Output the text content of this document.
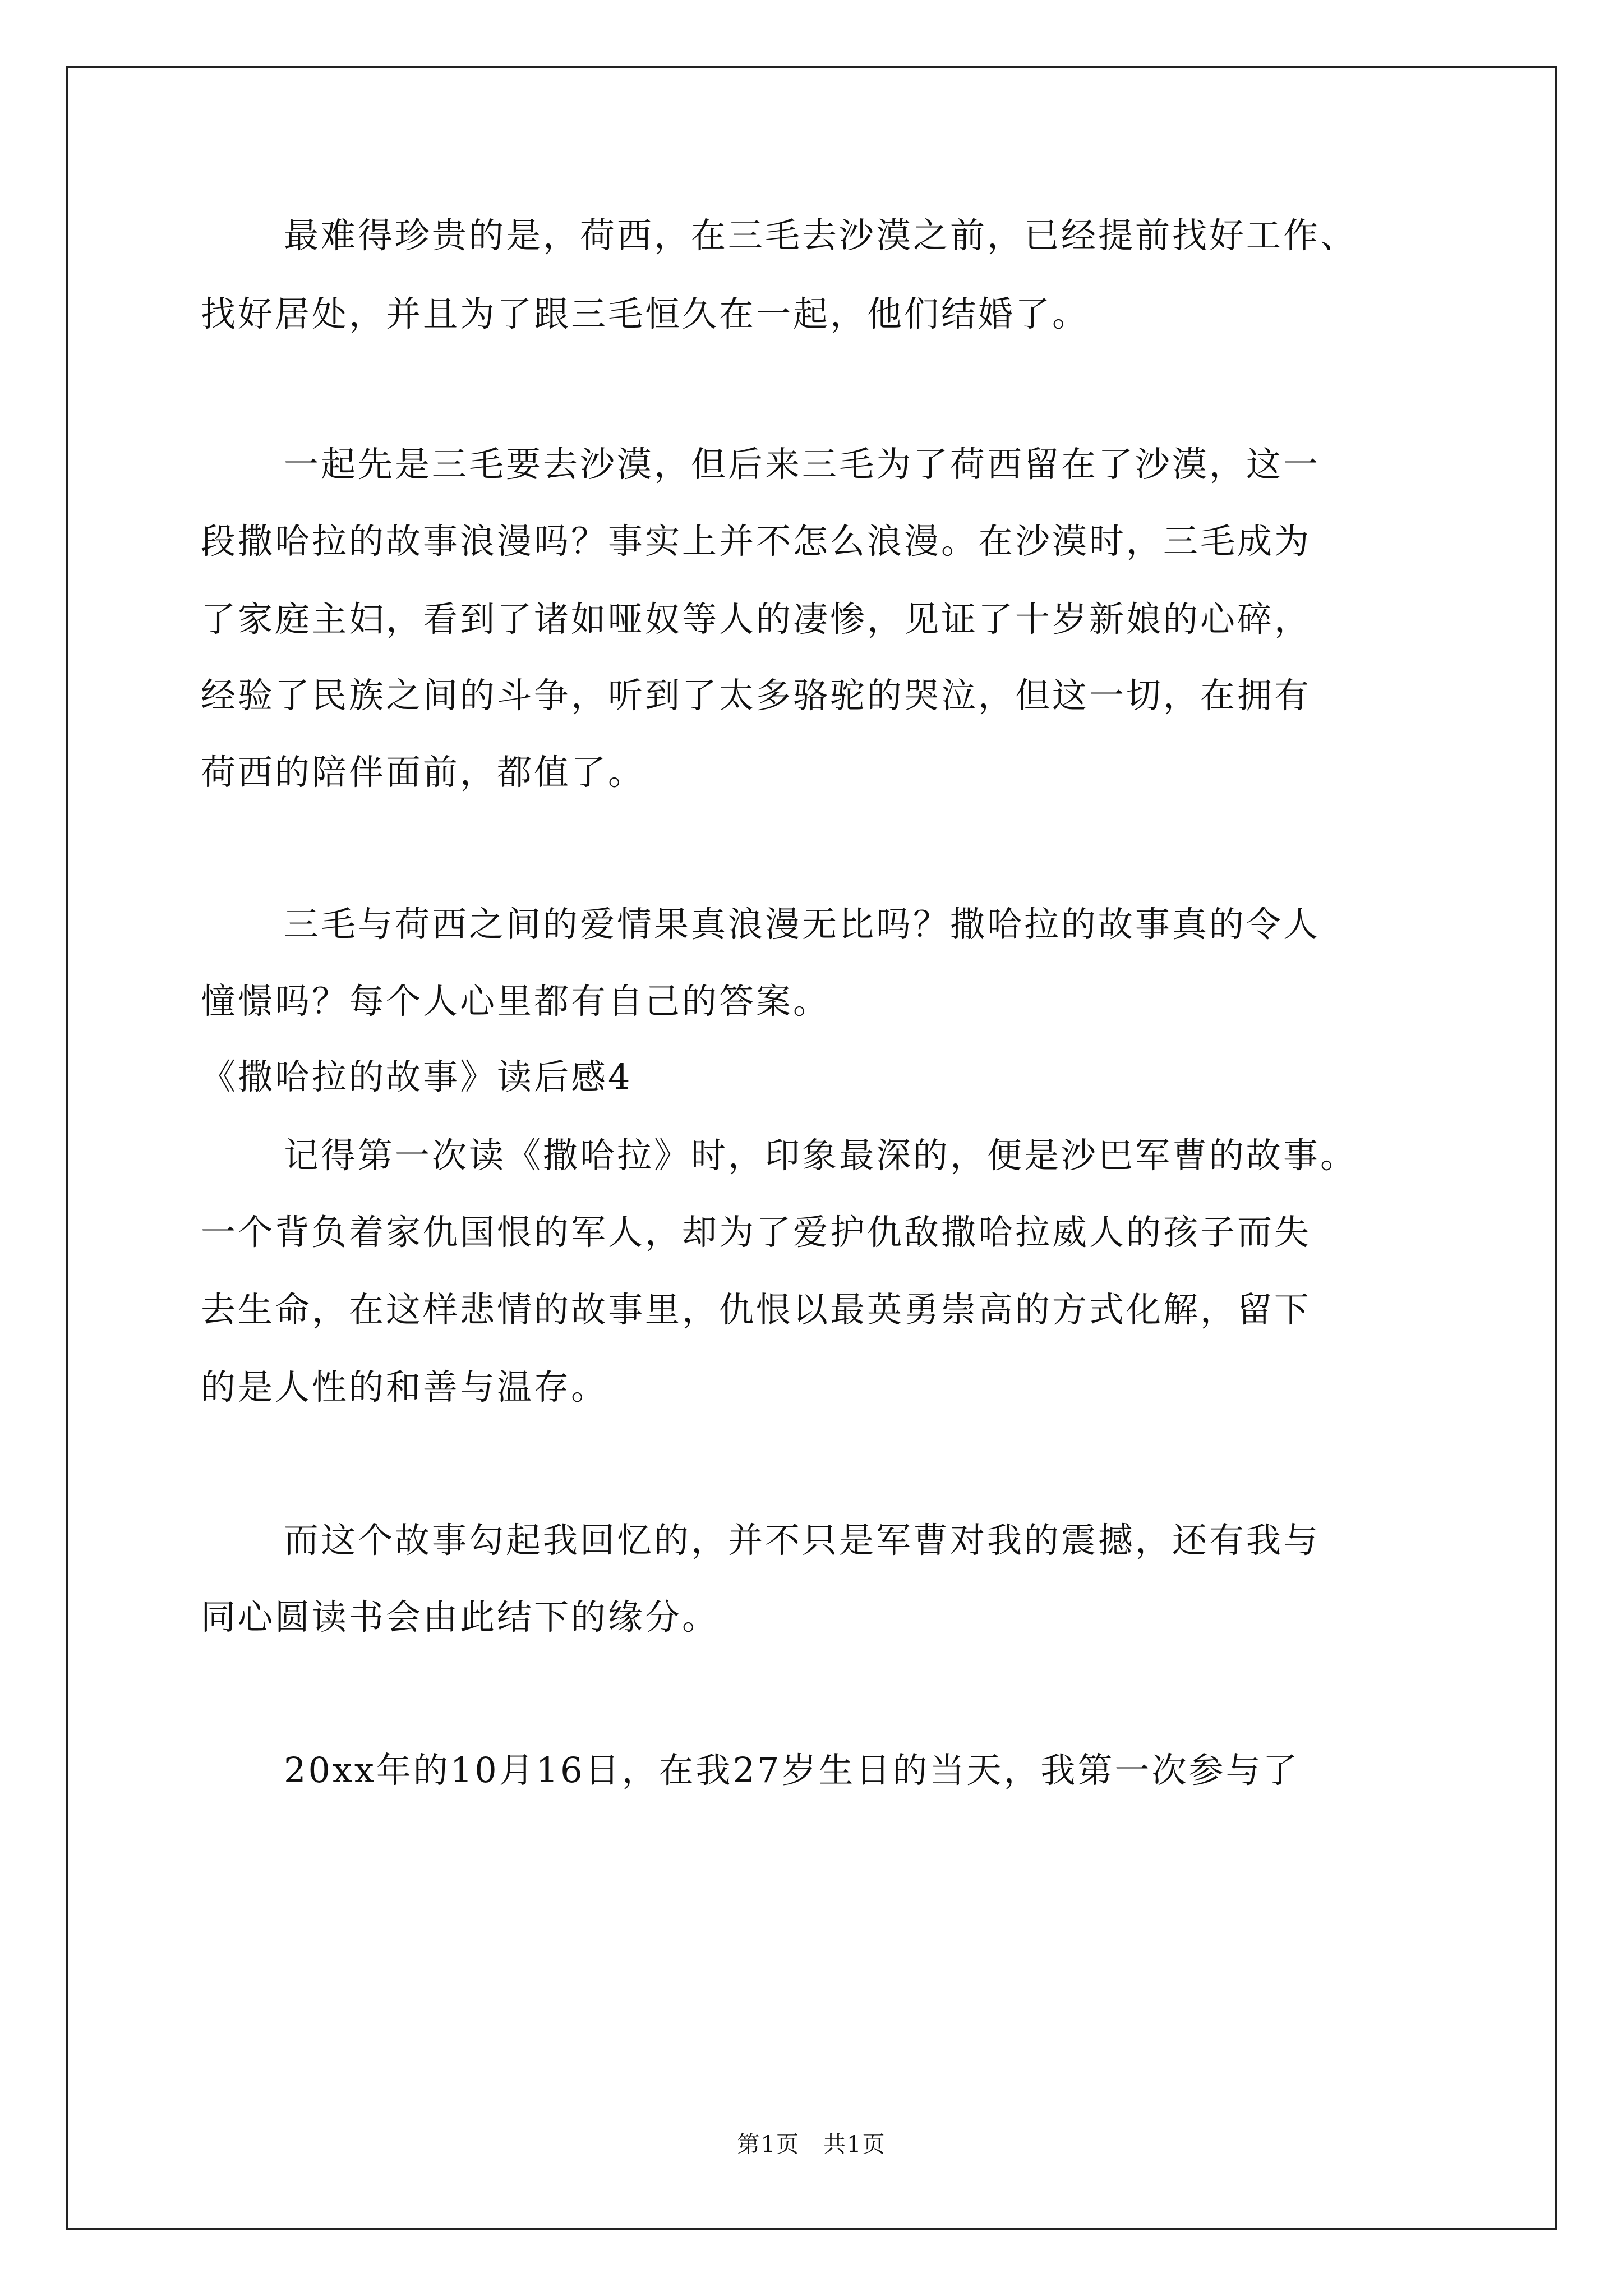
最难得珍贵的是，荷西，在三毛去沙漠之前，已经提前找好工作、
找好居处，并且为了跟三毛恒久在一起，他们结婚了。
一起先是三毛要去沙漠，但后来三毛为了荷西留在了沙漠，这一
段撒哈拉的故事浪漫吗？事实上并不怎么浪漫。在沙漠时，三毛成为
了家庭主妇，看到了诸如哑奴等人的凄惨，见证了十岁新娘的心碎，
经验了民族之间的斗争，听到了太多骆驼的哭泣，但这一切，在拥有
荷西的陪伴面前，都值了。
三毛与荷西之间的爱情果真浪漫无比吗？撒哈拉的故事真的令人
憧憬吗？每个人心里都有自己的答案。
《撒哈拉的故事》读后感4
记得第一次读《撒哈拉》时，印象最深的，便是沙巴军曹的故事。
一个背负着家仇国恨的军人，却为了爱护仇敌撒哈拉威人的孩子而失
去生命，在这样悲情的故事里，仇恨以最英勇崇高的方式化解，留下
的是人性的和善与温存。
而这个故事勾起我回忆的，并不只是军曹对我的震撼，还有我与
同心圆读书会由此结下的缘分。
20xx年的10月16日，在我27岁生日的当天，我第一次参与了
第1页　共1页
